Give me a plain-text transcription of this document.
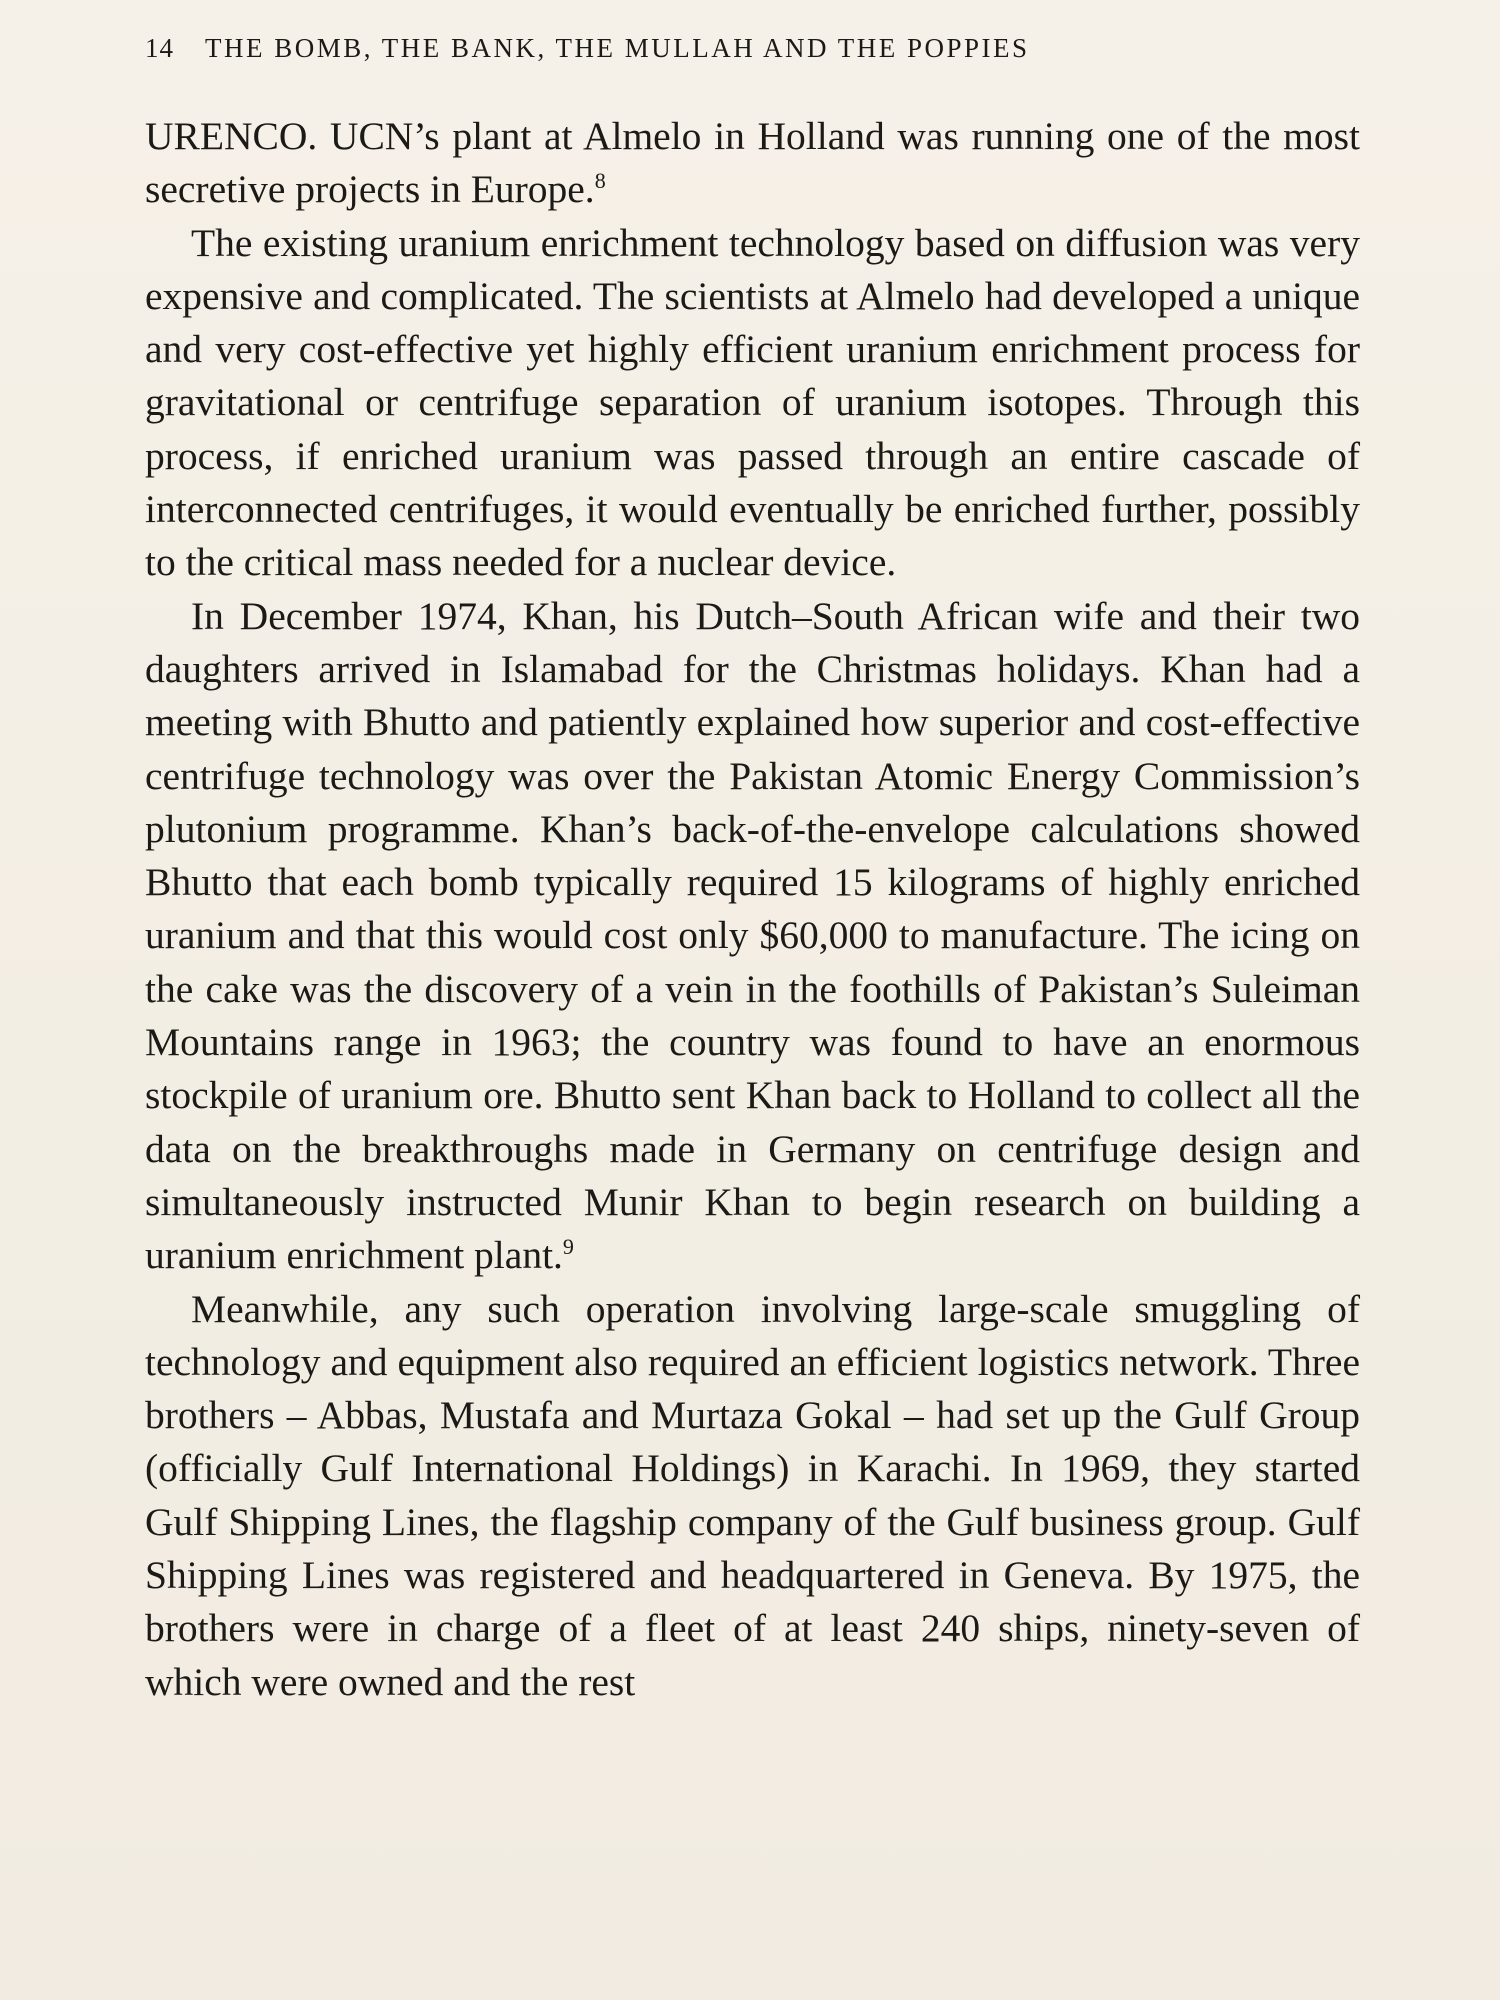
14 THE BOMB, THE BANK, THE MULLAH AND THE POPPIES

URENCO. UCN’s plant at Almelo in Holland was running one of the most secretive projects in Europe.$^8$

The existing uranium enrichment technology based on diffusion was very expensive and complicated. The scientists at Almelo had developed a unique and very cost-effective yet highly efficient uranium enrichment process for gravitational or centrifuge separation of uranium isotopes. Through this process, if enriched uranium was passed through an entire cascade of interconnected centrifuges, it would eventually be enriched further, possibly to the critical mass needed for a nuclear device.

In December 1974, Khan, his Dutch–South African wife and their two daughters arrived in Islamabad for the Christmas holidays. Khan had a meeting with Bhutto and patiently explained how superior and cost-effective centrifuge technology was over the Pakistan Atomic Energy Commission’s plutonium programme. Khan’s back-of-the-envelope calculations showed Bhutto that each bomb typically required 15 kilograms of highly enriched uranium and that this would cost only $60,000 to manufacture. The icing on the cake was the discovery of a vein in the foothills of Pakistan’s Suleiman Mountains range in 1963; the country was found to have an enormous stockpile of uranium ore. Bhutto sent Khan back to Holland to collect all the data on the breakthroughs made in Germany on centrifuge design and simultaneously instructed Munir Khan to begin research on building a uranium enrichment plant.$^9$

Meanwhile, any such operation involving large-scale smuggling of technology and equipment also required an efficient logistics network. Three brothers – Abbas, Mustafa and Murtaza Gokal – had set up the Gulf Group (officially Gulf International Holdings) in Karachi. In 1969, they started Gulf Shipping Lines, the flagship company of the Gulf business group. Gulf Shipping Lines was registered and headquartered in Geneva. By 1975, the brothers were in charge of a fleet of at least 240 ships, ninety-seven of which were owned and the rest
